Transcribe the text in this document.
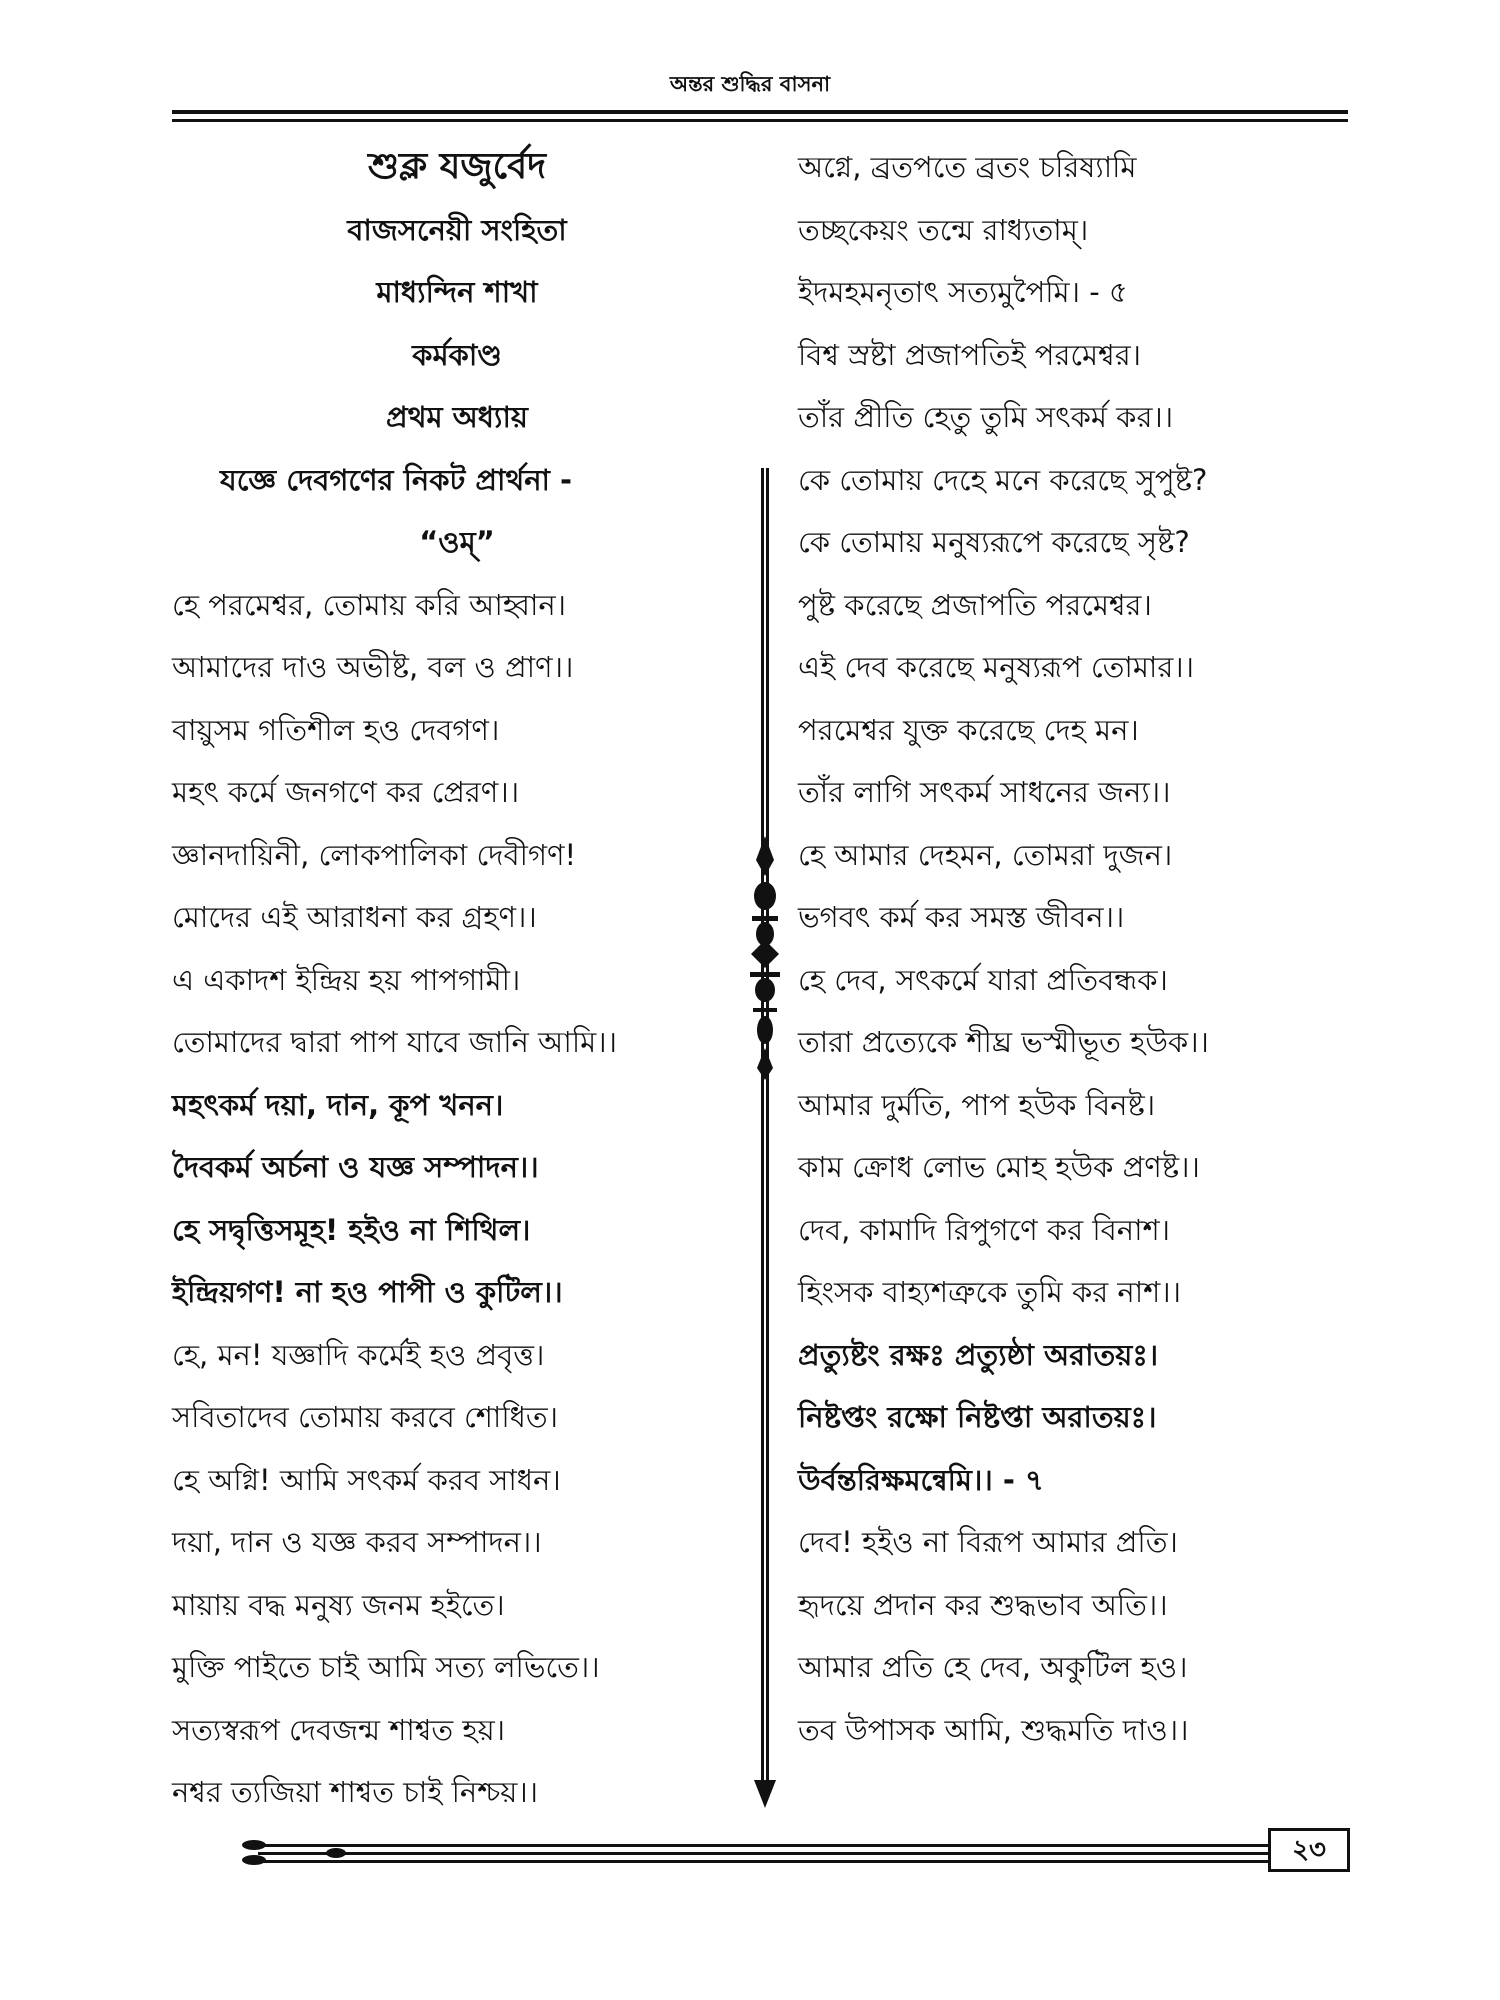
অন্তর শুদ্ধির বাসনা
শুক্ল যজুর্বেদ
বাজসনেয়ী সংহিতা
মাধ্যন্দিন শাখা
কর্মকাণ্ড
প্রথম অধ্যায়
যজ্ঞে দেবগণের নিকট প্রার্থনা -
“ওম্”
হে পরমেশ্বর, তোমায় করি আহ্বান।
আমাদের দাও অভীষ্ট, বল ও প্রাণ।।
বায়ুসম গতিশীল হও দেবগণ।
মহৎ কর্মে জনগণে কর প্রেরণ।।
জ্ঞানদায়িনী, লোকপালিকা দেবীগণ!
মোদের এই আরাধনা কর গ্রহণ।।
এ একাদশ ইন্দ্রিয় হয় পাপগামী।
তোমাদের দ্বারা পাপ যাবে জানি আমি।।
মহৎকর্ম দয়া, দান, কূপ খনন।
দৈবকর্ম অর্চনা ও যজ্ঞ সম্পাদন।।
হে সদ্বৃত্তিসমূহ! হইও না শিথিল।
ইন্দ্রিয়গণ! না হও পাপী ও কুটিল।।
হে, মন! যজ্ঞাদি কর্মেই হও প্রবৃত্ত।
সবিতাদেব তোমায় করবে শোধিত।
হে অগ্নি! আমি সৎকর্ম করব সাধন।
দয়া, দান ও যজ্ঞ করব সম্পাদন।।
মায়ায় বদ্ধ মনুষ্য জনম হইতে।
মুক্তি পাইতে চাই আমি সত্য লভিতে।।
সত্যস্বরূপ দেবজন্ম শাশ্বত হয়।
নশ্বর ত্যজিয়া শাশ্বত চাই নিশ্চয়।।
অগ্নে, ব্রতপতে ব্রতং চরিষ্যামি
তচ্ছকেয়ং তন্মে রাধ্যতাম্।
ইদমহমনৃতাৎ সত্যমুপৈমি। - ৫
বিশ্ব স্রষ্টা প্রজাপতিই পরমেশ্বর।
তাঁর প্রীতি হেতু তুমি সৎকর্ম কর।।
কে তোমায় দেহে মনে করেছে সুপুষ্ট?
কে তোমায় মনুষ্যরূপে করেছে সৃষ্ট?
পুষ্ট করেছে প্রজাপতি পরমেশ্বর।
এই দেব করেছে মনুষ্যরূপ তোমার।।
পরমেশ্বর যুক্ত করেছে দেহ মন।
তাঁর লাগি সৎকর্ম সাধনের জন্য।।
হে আমার দেহমন, তোমরা দুজন।
ভগবৎ কর্ম কর সমস্ত জীবন।।
হে দেব, সৎকর্মে যারা প্রতিবন্ধক।
তারা প্রত্যেকে শীঘ্র ভস্মীভূত হউক।।
আমার দুর্মতি, পাপ হউক বিনষ্ট।
কাম ক্রোধ লোভ মোহ হউক প্রণষ্ট।।
দেব, কামাদি রিপুগণে কর বিনাশ।
হিংসক বাহ্যশত্রুকে তুমি কর নাশ।।
প্রত্যুষ্টং রক্ষঃ প্রত্যুষ্ঠা অরাতয়ঃ।
নিষ্টপ্তং রক্ষো নিষ্টপ্তা অরাতয়ঃ।
উর্বন্তরিক্ষমন্বেমি।। - ৭
দেব! হইও না বিরূপ আমার প্রতি।
হৃদয়ে প্রদান কর শুদ্ধভাব অতি।।
আমার প্রতি হে দেব, অকুটিল হও।
তব উপাসক আমি, শুদ্ধমতি দাও।।
২৩
